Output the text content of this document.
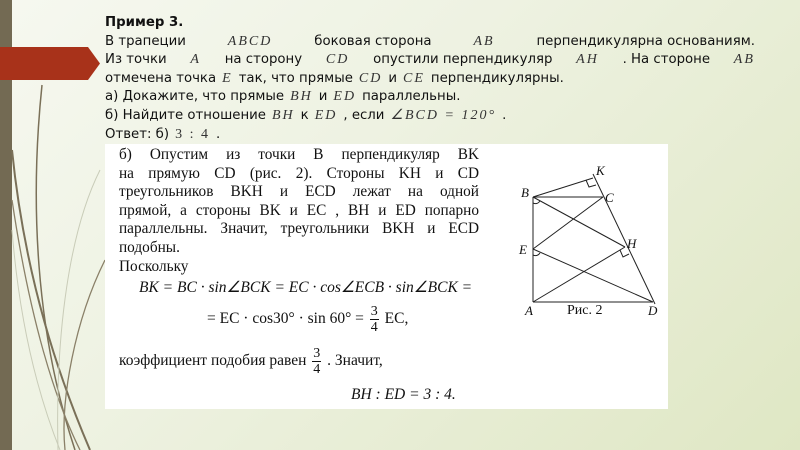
Пример 3.
В трапеции	ABCD	боковая сторона	AB	перпендикулярна основаниям.
Из точки A на сторону CD опустили перпендикуляр AH . На стороне AB
отмечена точка E так, что прямые CD и CE перпендикулярны.
а) Докажите, что прямые BH и ED параллельны.
б) Найдите отношение BH к ED , если ∠BCD = 120° .
Ответ: б) 3 : 4 .
б) Опустим из точки B перпендикуляр BK
на прямую CD (рис. 2). Стороны KH и CD
треугольников BKH и ECD лежат на одной
прямой, а стороны BK и EC , BH и ED попарно
параллельны. Значит, треугольники BKH и ECD
подобны.
Поскольку
BK = BC · sin∠BCK = EC · cos∠ECB · sin∠BCK =
= EC · $\cos 30^\circ \cdot \sin 60^\circ = \frac{3}{4}$ EC,
коэффициент подобия равен $\frac{3}{4}$ . Значит,
BH : ED = 3 : 4.
K
B	C
E	H
A	D
Рис. 2
